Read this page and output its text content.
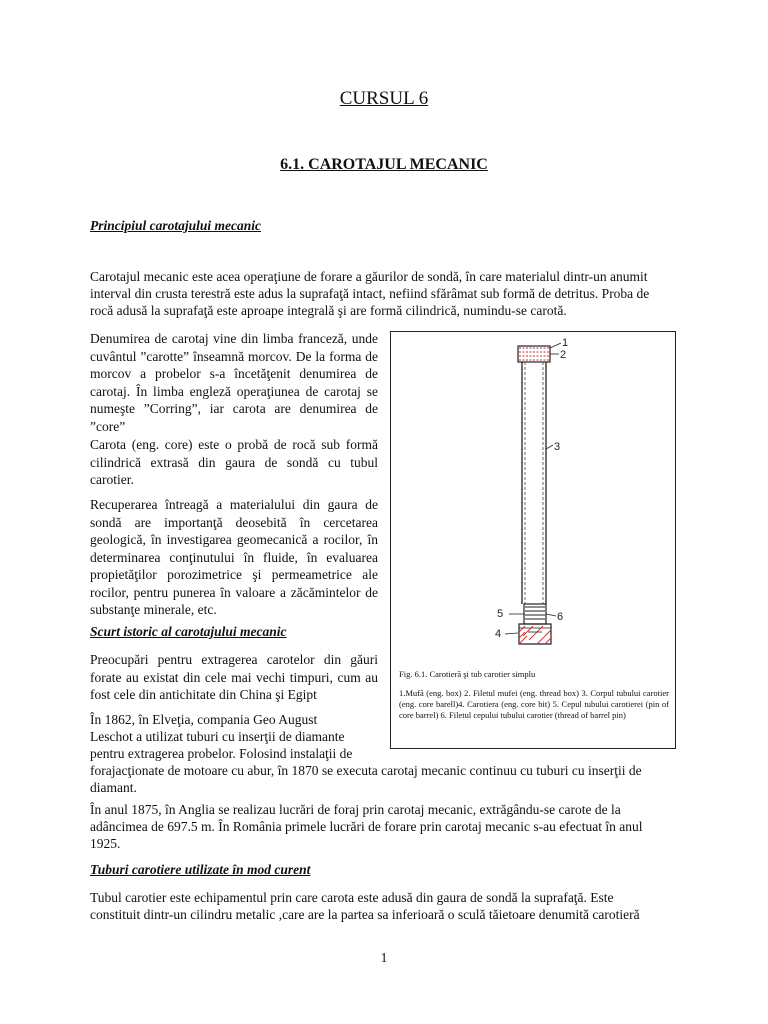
CURSUL 6
6.1. CAROTAJUL MECANIC

Principiul carotajului mecanic

Carotajul mecanic este acea operaţiune de forare a găurilor de sondă, în care materialul dintr-un anumit

interval din crusta terestră este adus la suprafaţă intact, nefiind sfărâmat sub formă de detritus. Proba de

rocă adusă la suprafaţă este aproape integrală şi are formă cilindrică, numindu-se carotă.

Denumirea de carotaj vine din limba franceză, unde cuvântul ”carotte” înseamnă morcov. De la forma de morcov a probelor s-a încetăţenit denumirea de carotaj. În limba engleză operaţiunea de carotaj se numeşte ”Corring”, iar carota are denumirea de ”core”

Carota (eng. core) este o probă de rocă sub formă cilindrică extrasă din gaura de sondă cu tubul carotier.

Recuperarea întreagă a materialului din gaura de sondă are importanţă deosebită în cercetarea geologică, în investigarea geomecanică a rocilor, în determinarea conţinutului în fluide, în evaluarea propietăţilor porozimetrice şi permeametrice ale rocilor, pentru punerea în valoare a zăcămintelor de substanţe minerale, etc.

Scurt istoric al carotajului mecanic

Preocupări pentru extragerea carotelor din găuri forate au existat din cele mai vechi timpuri, cum au fost cele din antichitate din China şi Egipt

În 1862, în Elveţia, compania Geo August

Leschot a utilizat tuburi cu inserţii de diamante

pentru extragerea probelor. Folosind instalaţii de

forajacţionate de motoare cu abur, în 1870 se executa carotaj mecanic continuu cu tuburi cu inserţii de

diamant.

În anul 1875, în Anglia se realizau lucrări de foraj prin carotaj mecanic, extrăgându-se carote de la

adâncimea de 697.5 m. În România primele lucrări de forare prin carotaj mecanic s-au efectuat în anul

1925.

Tuburi carotiere utilizate în mod curent

Tubul carotier este echipamentul prin care carota este adusă din gaura de sondă la suprafaţă. Este

constituit dintr-un cilindru metalic ,care are la partea sa inferioară o sculă tăietoare denumită carotieră

1
2
3
4
5	6

Fig. 6.1. Carotieră şi tub carotier simplu

1.Mufă (eng. box) 2. Filetul mufei (eng. thread box) 3. Corpul tubului carotier (eng. core barell)4. Carotiera (eng. core bit) 5. Cepul tubului carotierei (pin of core barrel) 6. Filetul cepului tubului carotier (thread of barrel pin)

1
